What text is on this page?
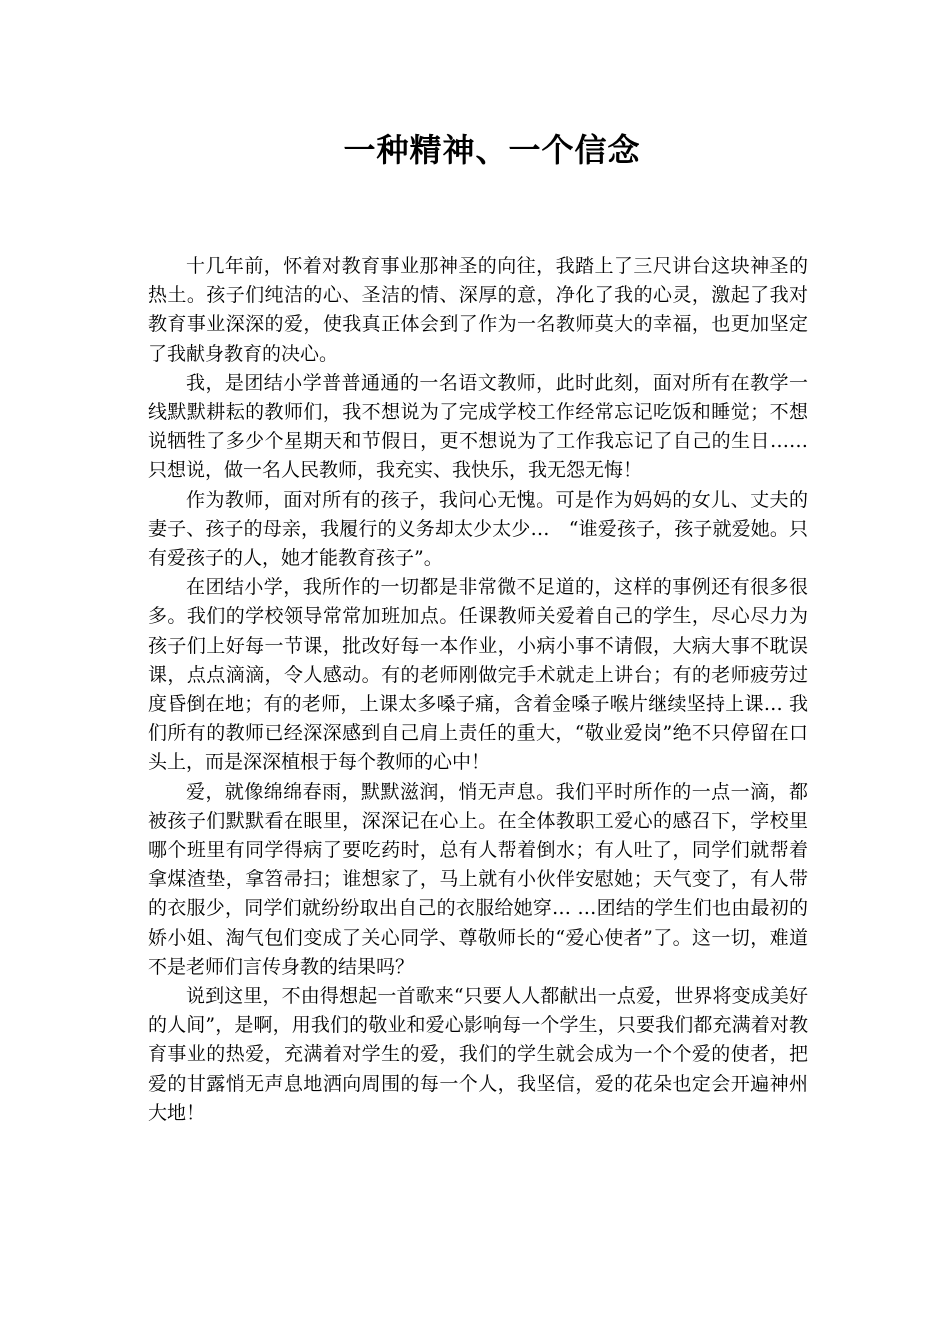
一种精神、一个信念

十几年前，怀着对教育事业那神圣的向往，我踏上了三尺讲台这块神圣的热土。孩子们纯洁的心、圣洁的情、深厚的意，净化了我的心灵，激起了我对教育事业深深的爱，使我真正体会到了作为一名教师莫大的幸福，也更加坚定了我献身教育的决心。

我，是团结小学普普通通的一名语文教师，此时此刻，面对所有在教学一线默默耕耘的教师们，我不想说为了完成学校工作经常忘记吃饭和睡觉；不想说牺牲了多少个星期天和节假日，更不想说为了工作我忘记了自己的生日……只想说，做一名人民教师，我充实、我快乐，我无怨无悔！

作为教师，面对所有的孩子，我问心无愧。可是作为妈妈的女儿、丈夫的妻子、孩子的母亲，我履行的义务却太少太少…　“谁爱孩子，孩子就爱她。只有爱孩子的人，她才能教育孩子”。

在团结小学，我所作的一切都是非常微不足道的，这样的事例还有很多很多。我们的学校领导常常加班加点。任课教师关爱着自己的学生，尽心尽力为孩子们上好每一节课，批改好每一本作业，小病小事不请假，大病大事不耽误课，点点滴滴，令人感动。有的老师刚做完手术就走上讲台；有的老师疲劳过度昏倒在地；有的老师，上课太多嗓子痛，含着金嗓子喉片继续坚持上课… 我们所有的教师已经深深感到自己肩上责任的重大，“敬业爱岗”绝不只停留在口头上，而是深深植根于每个教师的心中！

爱，就像绵绵春雨，默默滋润，悄无声息。我们平时所作的一点一滴，都被孩子们默默看在眼里，深深记在心上。在全体教职工爱心的感召下，学校里哪个班里有同学得病了要吃药时，总有人帮着倒水；有人吐了，同学们就帮着拿煤渣垫，拿笤帚扫；谁想家了，马上就有小伙伴安慰她；天气变了，有人带的衣服少，同学们就纷纷取出自己的衣服给她穿… …团结的学生们也由最初的娇小姐、淘气包们变成了关心同学、尊敬师长的“爱心使者”了。这一切，难道不是老师们言传身教的结果吗？

说到这里，不由得想起一首歌来“只要人人都献出一点爱，世界将变成美好的人间”，是啊，用我们的敬业和爱心影响每一个学生，只要我们都充满着对教育事业的热爱，充满着对学生的爱，我们的学生就会成为一个个爱的使者，把爱的甘露悄无声息地洒向周围的每一个人，我坚信，爱的花朵也定会开遍神州大地！
